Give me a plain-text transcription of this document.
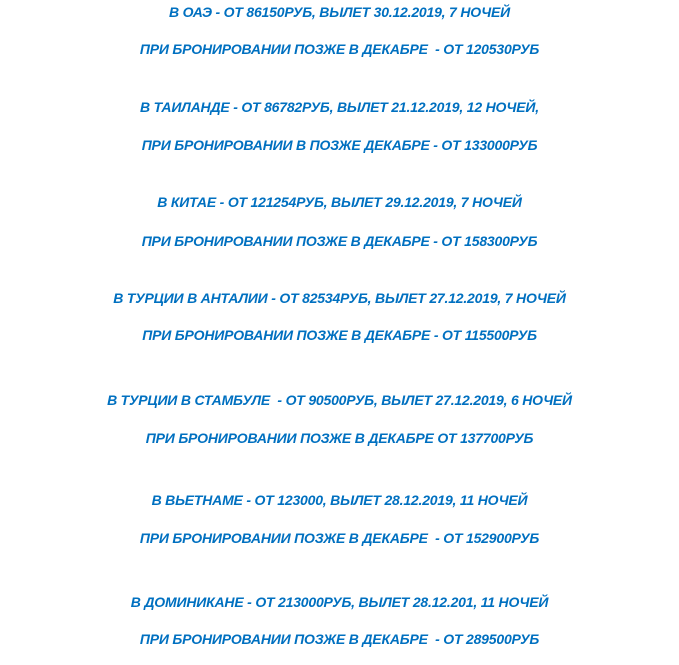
В ОАЭ - ОТ 86150РУБ, ВЫЛЕТ 30.12.2019, 7 НОЧЕЙ
ПРИ БРОНИРОВАНИИ ПОЗЖЕ В ДЕКАБРЕ  - ОТ 120530РУБ
В ТАИЛАНДЕ - ОТ 86782РУБ, ВЫЛЕТ 21.12.2019, 12 НОЧЕЙ,
ПРИ БРОНИРОВАНИИ В ПОЗЖЕ ДЕКАБРЕ - ОТ 133000РУБ
В КИТАЕ - ОТ 121254РУБ, ВЫЛЕТ 29.12.2019, 7 НОЧЕЙ
ПРИ БРОНИРОВАНИИ ПОЗЖЕ В ДЕКАБРЕ - ОТ 158300РУБ
В ТУРЦИИ В АНТАЛИИ - ОТ 82534РУБ, ВЫЛЕТ 27.12.2019, 7 НОЧЕЙ
ПРИ БРОНИРОВАНИИ ПОЗЖЕ В ДЕКАБРЕ - ОТ 115500РУБ
В ТУРЦИИ В СТАМБУЛЕ  - ОТ 90500РУБ, ВЫЛЕТ 27.12.2019, 6 НОЧЕЙ
ПРИ БРОНИРОВАНИИ ПОЗЖЕ В ДЕКАБРЕ ОТ 137700РУБ
В ВЬЕТНАМЕ - ОТ 123000, ВЫЛЕТ 28.12.2019, 11 НОЧЕЙ
ПРИ БРОНИРОВАНИИ ПОЗЖЕ В ДЕКАБРЕ  - ОТ 152900РУБ
В ДОМИНИКАНЕ - ОТ 213000РУБ, ВЫЛЕТ 28.12.201, 11 НОЧЕЙ
ПРИ БРОНИРОВАНИИ ПОЗЖЕ В ДЕКАБРЕ  - ОТ 289500РУБ
